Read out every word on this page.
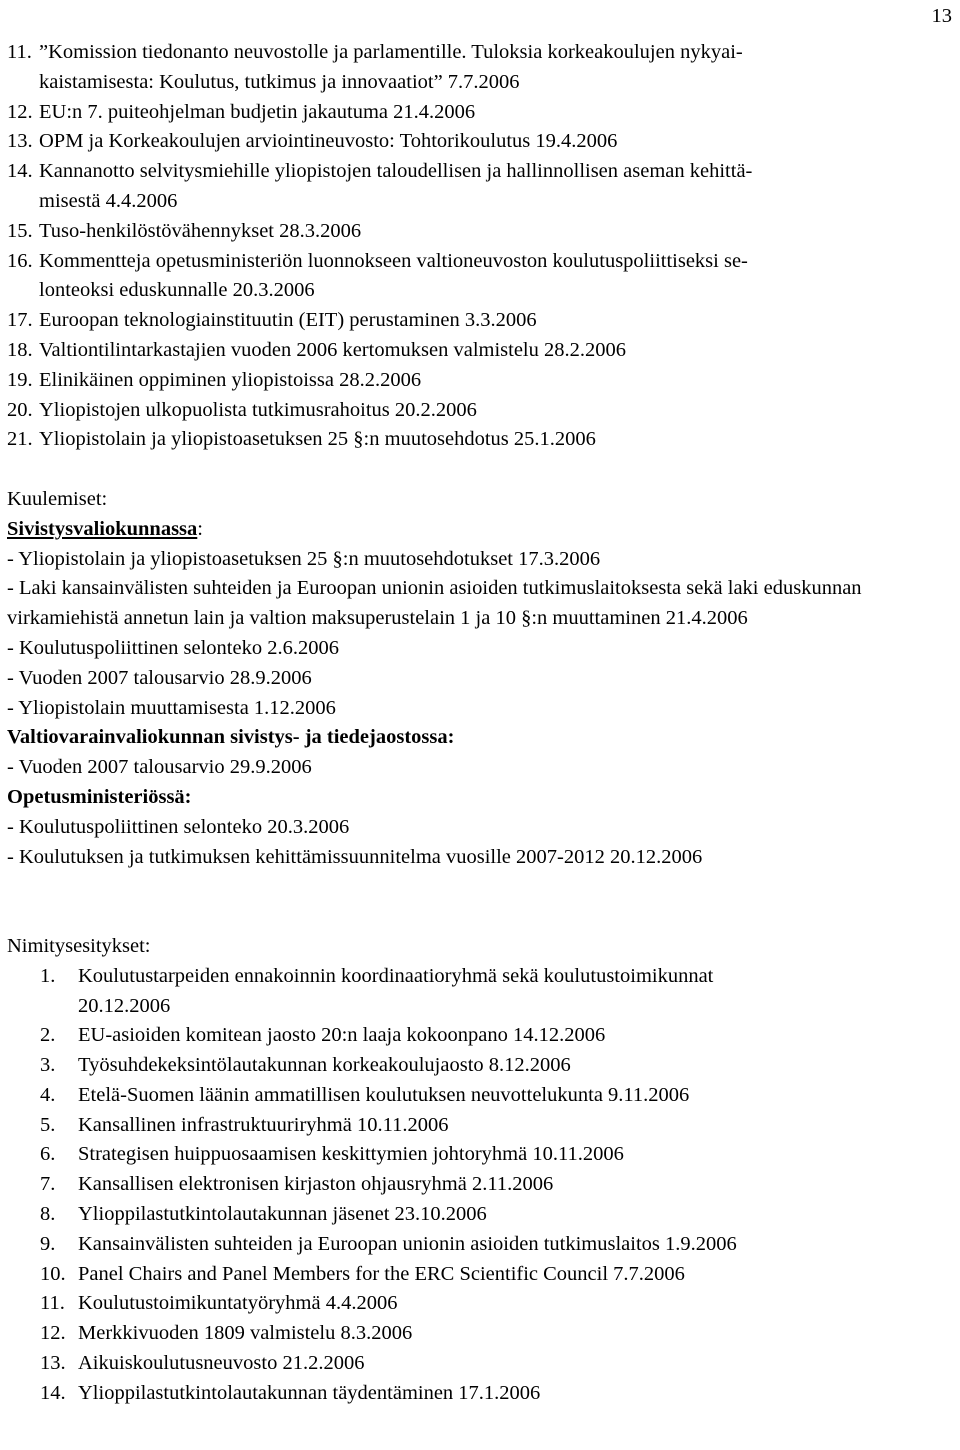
13
11. ”Komission tiedonanto neuvostolle ja parlamentille. Tuloksia korkeakoulujen nykyai-
kaistamisesta: Koulutus, tutkimus ja innovaatiot” 7.7.2006
12. EU:n 7. puiteohjelman budjetin jakautuma 21.4.2006
13. OPM ja Korkeakoulujen arviointineuvosto: Tohtorikoulutus 19.4.2006
14. Kannanotto selvitysmiehille yliopistojen taloudellisen ja hallinnollisen aseman kehittä-
misestä 4.4.2006
15. Tuso-henkilöstövähennykset 28.3.2006
16. Kommentteja opetusministeriön luonnokseen valtioneuvoston koulutuspoliittiseksi se-
lonteoksi eduskunnalle 20.3.2006
17. Euroopan teknologiainstituutin (EIT) perustaminen 3.3.2006
18. Valtiontilintarkastajien vuoden 2006 kertomuksen valmistelu 28.2.2006
19. Elinikäinen oppiminen yliopistoissa 28.2.2006
20. Yliopistojen ulkopuolista tutkimusrahoitus 20.2.2006
21. Yliopistolain ja yliopistoasetuksen 25 §:n muutosehdotus 25.1.2006
Kuulemiset:
Sivistysvaliokunnassa:
- Yliopistolain ja yliopistoasetuksen 25 §:n muutosehdotukset 17.3.2006
- Laki kansainvälisten suhteiden ja Euroopan unionin asioiden tutkimuslaitoksesta sekä laki eduskunnan virkamiehistä annetun lain ja valtion maksuperustelain 1 ja 10 §:n muuttaminen 21.4.2006
- Koulutuspoliittinen selonteko 2.6.2006
- Vuoden 2007 talousarvio 28.9.2006
- Yliopistolain muuttamisesta 1.12.2006
Valtiovarainvaliokunnan sivistys- ja tiedejaostossa:
- Vuoden 2007 talousarvio 29.9.2006
Opetusministeriössä:
- Koulutuspoliittinen selonteko 20.3.2006
- Koulutuksen ja tutkimuksen kehittämissuunnitelma vuosille 2007-2012 20.12.2006
Nimitysesitykset:
1.	Koulutustarpeiden ennakoinnin koordinaatioryhmä sekä koulutustoimikunnat
20.12.2006
2.	EU-asioiden komitean jaosto 20:n laaja kokoonpano 14.12.2006
3.	Työsuhdekeksintölautakunnan korkeakoulujaosto 8.12.2006
4.	Etelä-Suomen läänin ammatillisen koulutuksen neuvottelukunta 9.11.2006
5.	Kansallinen infrastruktuuriryhmä 10.11.2006
6.	Strategisen huippuosaamisen keskittymien johtoryhmä 10.11.2006
7.	Kansallisen elektronisen kirjaston ohjausryhmä 2.11.2006
8.	Ylioppilastutkintolautakunnan jäsenet 23.10.2006
9.	Kansainvälisten suhteiden ja Euroopan unionin asioiden tutkimuslaitos 1.9.2006
10. Panel Chairs and Panel Members for the ERC Scientific Council 7.7.2006
11. Koulutustoimikuntatyöryhmä 4.4.2006
12. Merkkivuoden 1809 valmistelu 8.3.2006
13. Aikuiskoulutusneuvosto 21.2.2006
14. Ylioppilastutkintolautakunnan täydentäminen 17.1.2006
